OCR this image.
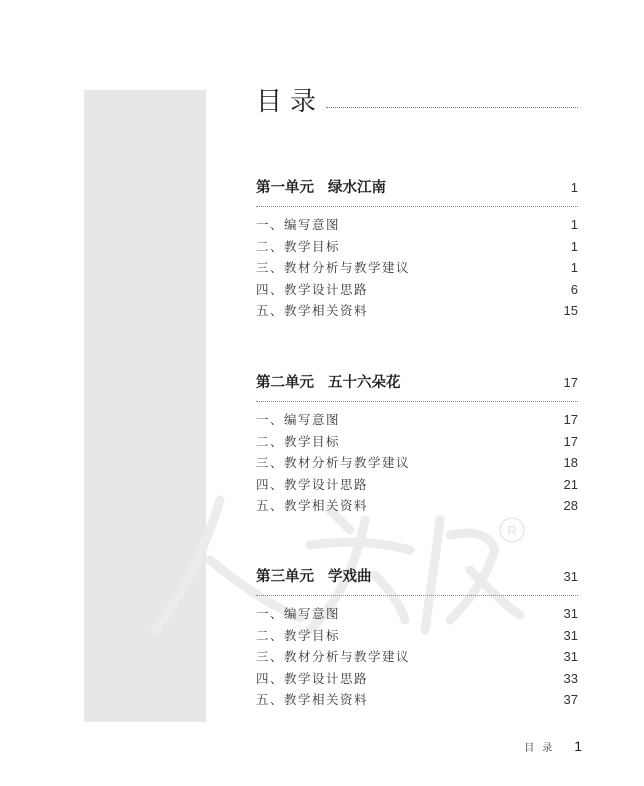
R
目录
第一单元 绿水江南	1
一、编写意图	1
二、教学目标	1
三、教材分析与教学建议	1
四、教学设计思路	6
五、教学相关资料	15
第二单元 五十六朵花	17
一、编写意图	17
二、教学目标	17
三、教材分析与教学建议	18
四、教学设计思路	21
五、教学相关资料	28
第三单元 学戏曲	31
一、编写意图	31
二、教学目标	31
三、教材分析与教学建议	31
四、教学设计思路	33
五、教学相关资料	37
目录 1
